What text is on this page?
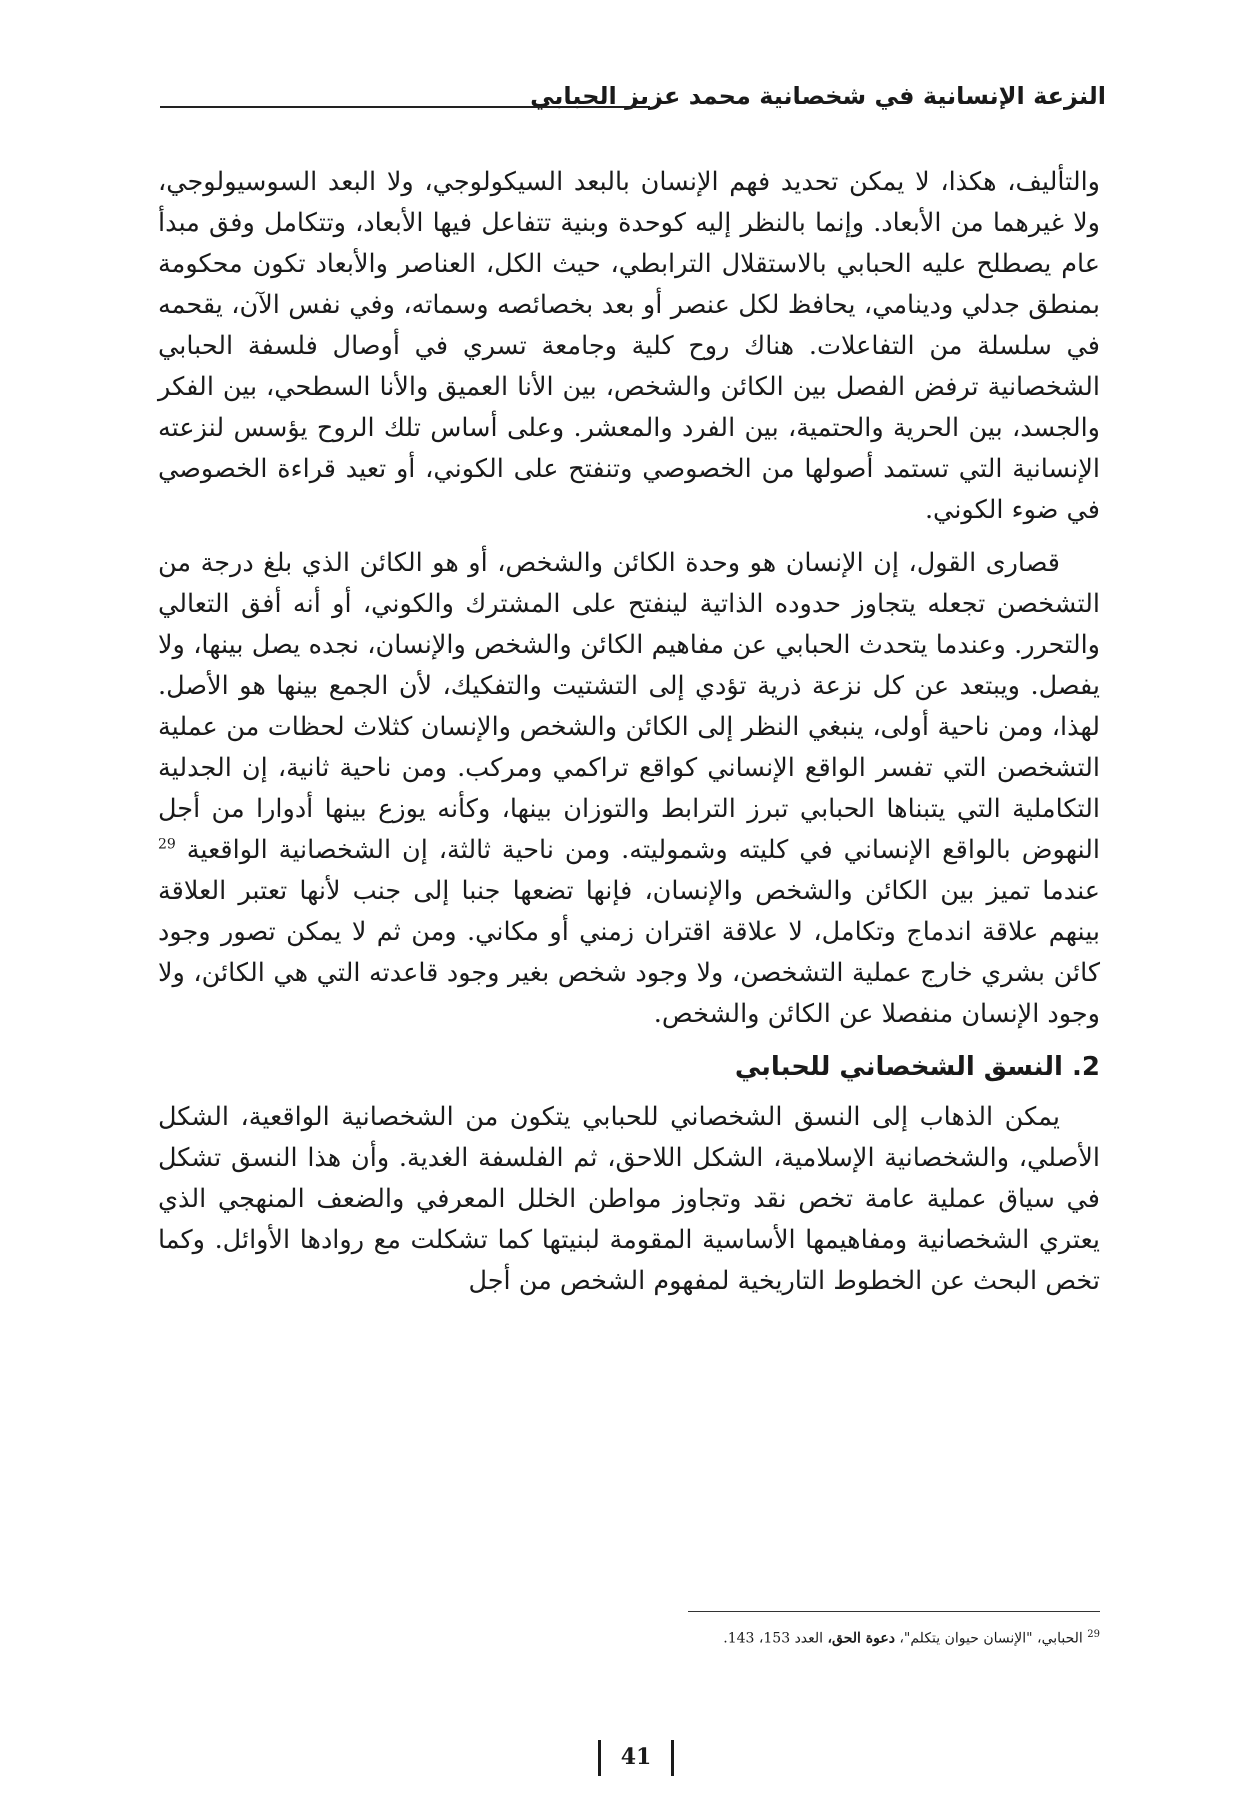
النزعة الإنسانية في شخصانية محمد عزيز الحبابي

والتأليف، هكذا، لا يمكن تحديد فهم الإنسان بالبعد السيكولوجي، ولا البعد السوسيولوجي، ولا غيرهما من الأبعاد. وإنما بالنظر إليه كوحدة وبنية تتفاعل فيها الأبعاد، وتتكامل وفق مبدأ عام يصطلح عليه الحبابي بالاستقلال الترابطي، حيث الكل، العناصر والأبعاد تكون محكومة بمنطق جدلي ودينامي، يحافظ لكل عنصر أو بعد بخصائصه وسماته، وفي نفس الآن، يقحمه في سلسلة من التفاعلات. هناك روح كلية وجامعة تسري في أوصال فلسفة الحبابي الشخصانية ترفض الفصل بين الكائن والشخص، بين الأنا العميق والأنا السطحي، بين الفكر والجسد، بين الحرية والحتمية، بين الفرد والمعشر. وعلى أساس تلك الروح يؤسس لنزعته الإنسانية التي تستمد أصولها من الخصوصي وتنفتح على الكوني، أو تعيد قراءة الخصوصي في ضوء الكوني.

قصارى القول، إن الإنسان هو وحدة الكائن والشخص، أو هو الكائن الذي بلغ درجة من التشخصن تجعله يتجاوز حدوده الذاتية لينفتح على المشترك والكوني، أو أنه أفق التعالي والتحرر. وعندما يتحدث الحبابي عن مفاهيم الكائن والشخص والإنسان، نجده يصل بينها، ولا يفصل. ويبتعد عن كل نزعة ذرية تؤدي إلى التشتيت والتفكيك، لأن الجمع بينها هو الأصل. لهذا، ومن ناحية أولى، ينبغي النظر إلى الكائن والشخص والإنسان كثلاث لحظات من عملية التشخصن التي تفسر الواقع الإنساني كواقع تراكمي ومركب. ومن ناحية ثانية، إن الجدلية التكاملية التي يتبناها الحبابي تبرز الترابط والتوزان بينها، وكأنه يوزع بينها أدوارا من أجل النهوض بالواقع الإنساني في كليته وشموليته. ومن ناحية ثالثة، إن الشخصانية الواقعية $^{29}$ عندما تميز بين الكائن والشخص والإنسان، فإنها تضعها جنبا إلى جنب لأنها تعتبر العلاقة بينهم علاقة اندماج وتكامل، لا علاقة اقتران زمني أو مكاني. ومن ثم لا يمكن تصور وجود كائن بشري خارج عملية التشخصن، ولا وجود شخص بغير وجود قاعدته التي هي الكائن، ولا وجود الإنسان منفصلا عن الكائن والشخص.

2. النسق الشخصاني للحبابي

يمكن الذهاب إلى النسق الشخصاني للحبابي يتكون من الشخصانية الواقعية، الشكل الأصلي، والشخصانية الإسلامية، الشكل اللاحق، ثم الفلسفة الغدية. وأن هذا النسق تشكل في سياق عملية عامة تخص نقد وتجاوز مواطن الخلل المعرفي والضعف المنهجي الذي يعتري الشخصانية ومفاهيمها الأساسية المقومة لبنيتها كما تشكلت مع روادها الأوائل. وكما تخص البحث عن الخطوط التاريخية لمفهوم الشخص من أجل

$^{29}$ الحبابي، "الإنسان حيوان يتكلم"، دعوة الحق، العدد 153، 143.
41
